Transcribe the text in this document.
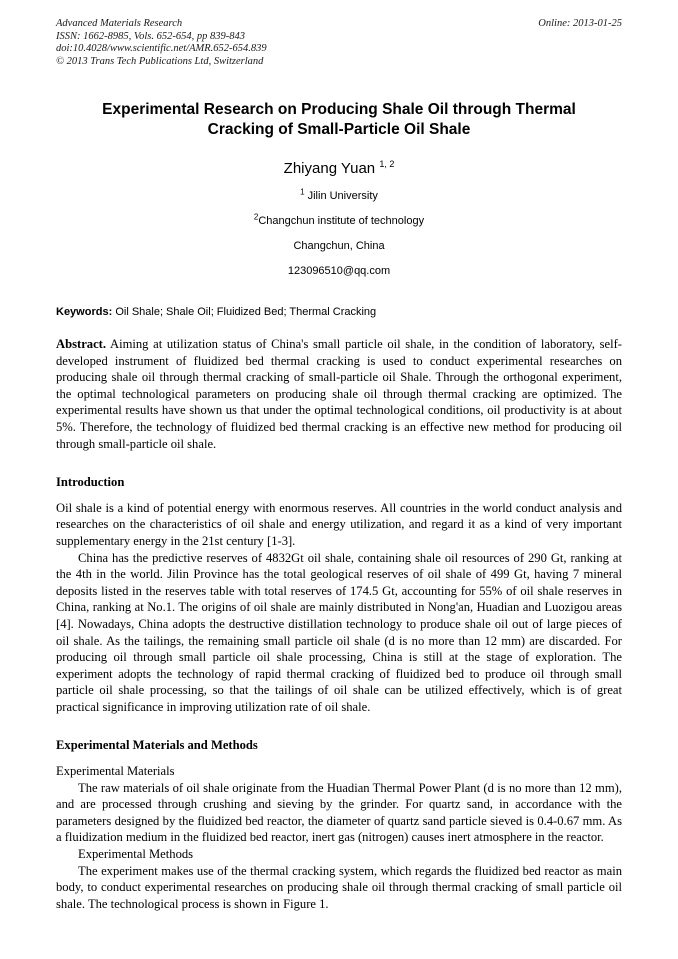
Advanced Materials Research
ISSN: 1662-8985, Vols. 652-654, pp 839-843
doi:10.4028/www.scientific.net/AMR.652-654.839
© 2013 Trans Tech Publications Ltd, Switzerland
Online: 2013-01-25
Experimental Research on Producing Shale Oil through Thermal Cracking of Small-Particle Oil Shale
Zhiyang Yuan $^{1, 2}$
$^1$ Jilin University
$^2$Changchun institute of technology
Changchun, China
123096510@qq.com
Keywords: Oil Shale; Shale Oil; Fluidized Bed; Thermal Cracking
Abstract. Aiming at utilization status of China's small particle oil shale, in the condition of laboratory, self-developed instrument of fluidized bed thermal cracking is used to conduct experimental researches on producing shale oil through thermal cracking of small-particle oil Shale. Through the orthogonal experiment, the optimal technological parameters on producing shale oil through thermal cracking are optimized. The experimental results have shown us that under the optimal technological conditions, oil productivity is at about 5%. Therefore, the technology of fluidized bed thermal cracking is an effective new method for producing oil through small-particle oil shale.
Introduction
Oil shale is a kind of potential energy with enormous reserves. All countries in the world conduct analysis and researches on the characteristics of oil shale and energy utilization, and regard it as a kind of very important supplementary energy in the 21st century [1-3].
China has the predictive reserves of 4832Gt oil shale, containing shale oil resources of 290 Gt, ranking at the 4th in the world. Jilin Province has the total geological reserves of oil shale of 499 Gt, having 7 mineral deposits listed in the reserves table with total reserves of 174.5 Gt, accounting for 55% of oil shale reserves in China, ranking at No.1. The origins of oil shale are mainly distributed in Nong'an, Huadian and Luozigou areas [4]. Nowadays, China adopts the destructive distillation technology to produce shale oil out of large pieces of oil shale. As the tailings, the remaining small particle oil shale (d is no more than 12 mm) are discarded. For producing oil through small particle oil shale processing, China is still at the stage of exploration. The experiment adopts the technology of rapid thermal cracking of fluidized bed to produce oil through small particle oil shale processing, so that the tailings of oil shale can be utilized effectively, which is of great practical significance in improving utilization rate of oil shale.
Experimental Materials and Methods
Experimental Materials
The raw materials of oil shale originate from the Huadian Thermal Power Plant (d is no more than 12 mm), and are processed through crushing and sieving by the grinder. For quartz sand, in accordance with the parameters designed by the fluidized bed reactor, the diameter of quartz sand particle sieved is 0.4-0.67 mm. As a fluidization medium in the fluidized bed reactor, inert gas (nitrogen) causes inert atmosphere in the reactor.
Experimental Methods
The experiment makes use of the thermal cracking system, which regards the fluidized bed reactor as main body, to conduct experimental researches on producing shale oil through thermal cracking of small particle oil shale. The technological process is shown in Figure 1.
